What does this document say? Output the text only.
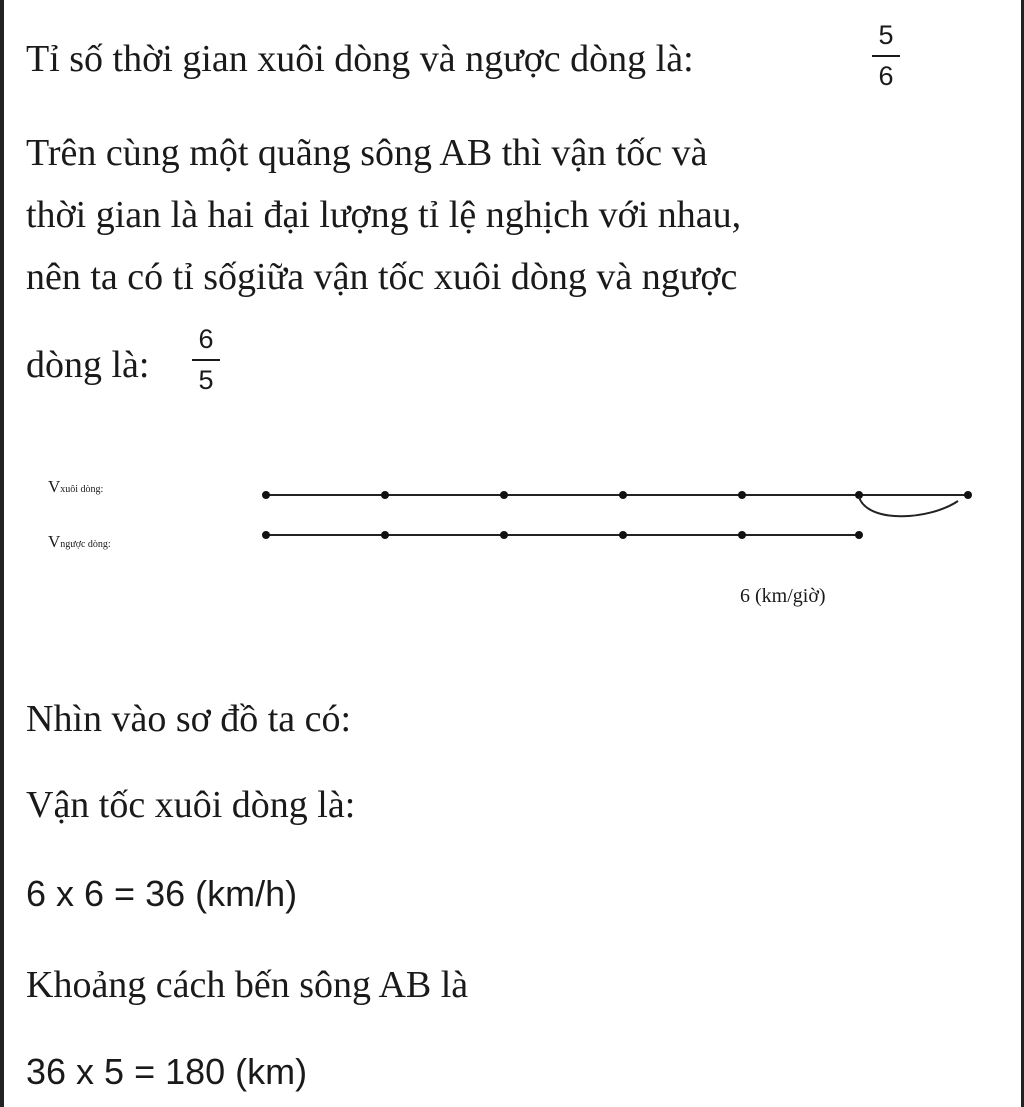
Tỉ số thời gian xuôi dòng và ngược dòng là:
5
6
Trên cùng một quãng sông AB thì vận tốc và
thời gian là hai đại lượng tỉ lệ nghịch với nhau,
nên ta có tỉ sốgiữa vận tốc xuôi dòng và ngược
dòng là:
6
5
Vxuôi dòng:
Vngược dòng:
6 (km/giờ)
Nhìn vào sơ đồ ta có:
Vận tốc xuôi dòng là:
6 x 6 = 36 (km/h)
Khoảng cách bến sông AB là
36 x 5 = 180 (km)
